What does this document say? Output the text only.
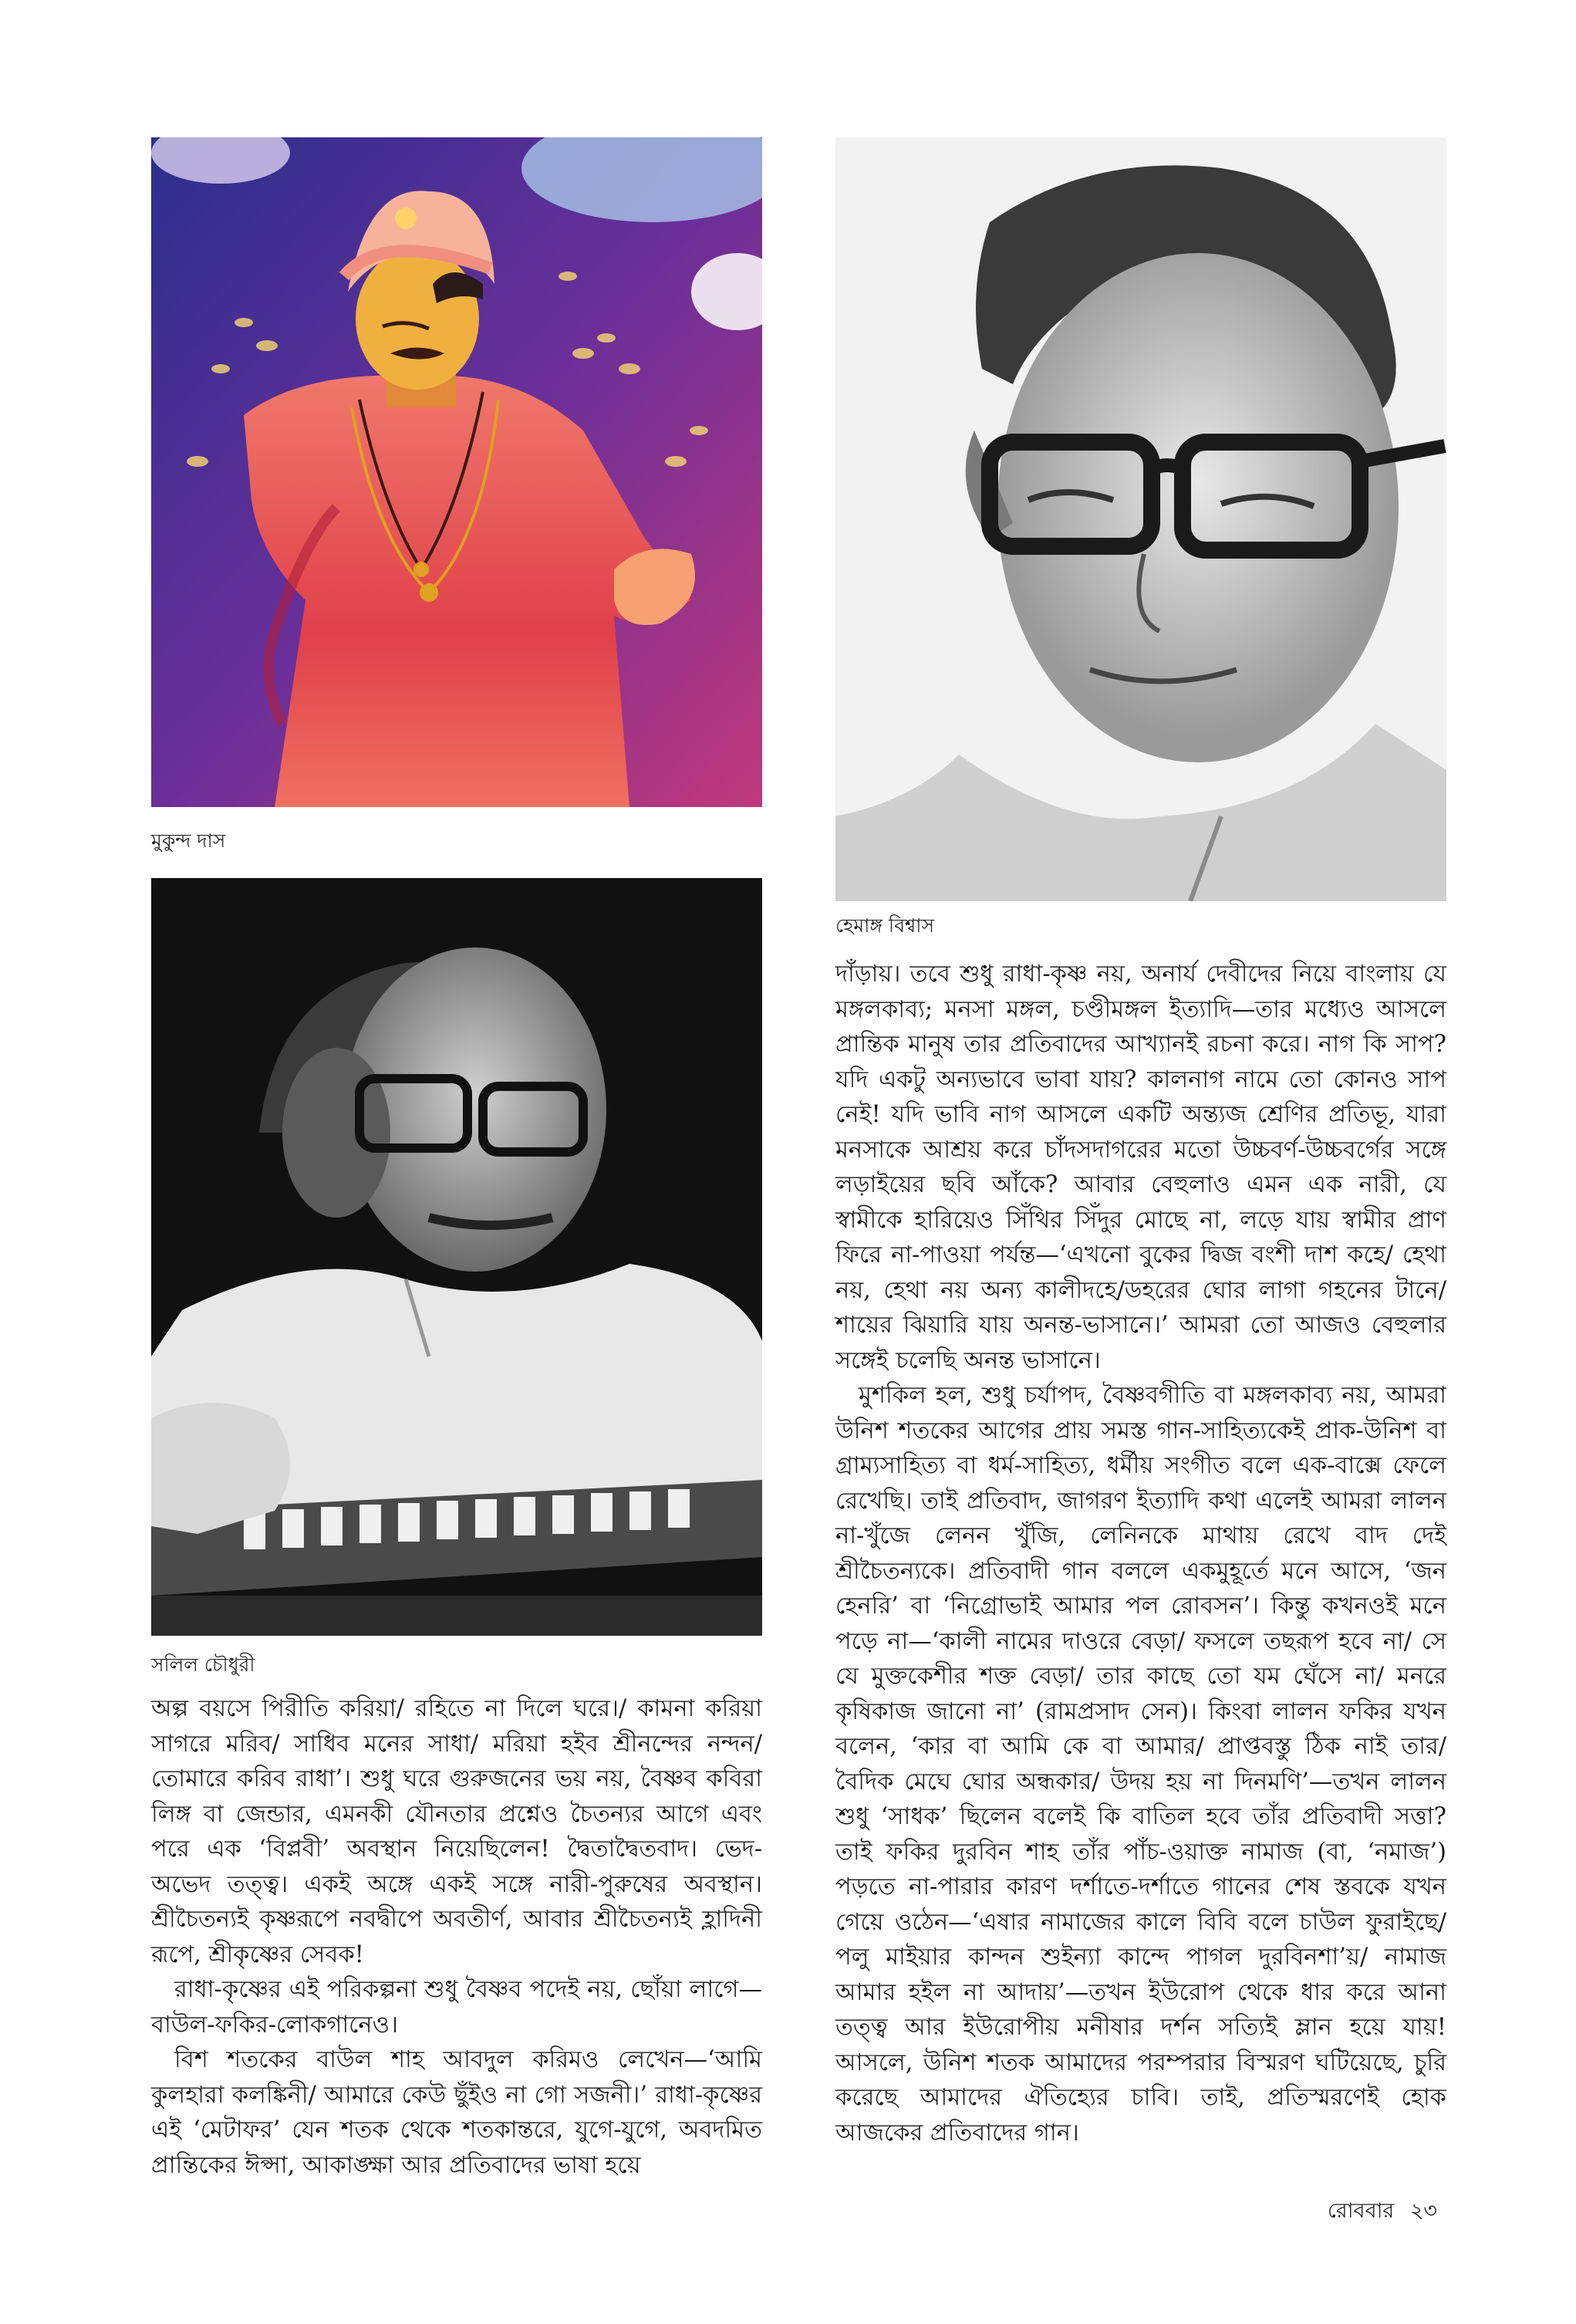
মুকুন্দ দাস
হেমাঙ্গ বিশ্বাস
সলিল চৌধুরী

অল্প বয়সে পিরীতি করিয়া/ রহিতে না দিলে ঘরে।/ কামনা করিয়া সাগরে মরিব/ সাধিব মনের সাধা/ মরিয়া হইব শ্রীনন্দের নন্দন/ তোমারে করিব রাধা’। শুধু ঘরে গুরুজনের ভয় নয়, বৈষ্ণব কবিরা লিঙ্গ বা জেন্ডার, এমনকী যৌনতার প্রশ্নেও চৈতন্যর আগে এবং পরে এক ‘বিপ্লবী’ অবস্থান নিয়েছিলেন! দ্বৈতাদ্বৈতবাদ। ভেদ-অভেদ তত্ত্ব। একই অঙ্গে একই সঙ্গে নারী-পুরুষের অবস্থান। শ্রীচৈতন্যই কৃষ্ণরূপে নবদ্বীপে অবতীর্ণ, আবার শ্রীচৈতন্যই হ্লাদিনী রূপে, শ্রীকৃষ্ণের সেবক!

রাধা-কৃষ্ণের এই পরিকল্পনা শুধু বৈষ্ণব পদেই নয়, ছোঁয়া লাগে—বাউল-ফকির-লোকগানেও।

বিশ শতকের বাউল শাহ আবদুল করিমও লেখেন—‘আমি কুলহারা কলঙ্কিনী/ আমারে কেউ ছুঁইও না গো সজনী।’ রাধা-কৃষ্ণের এই ‘মেটাফর’ যেন শতক থেকে শতকান্তরে, যুগে-যুগে, অবদমিত প্রান্তিকের ঈপ্সা, আকাঙ্ক্ষা আর প্রতিবাদের ভাষা হয়ে

দাঁড়ায়। তবে শুধু রাধা-কৃষ্ণ নয়, অনার্য দেবীদের নিয়ে বাংলায় যে মঙ্গলকাব্য; মনসা মঙ্গল, চণ্ডীমঙ্গল ইত্যাদি—তার মধ্যেও আসলে প্রান্তিক মানুষ তার প্রতিবাদের আখ্যানই রচনা করে। নাগ কি সাপ? যদি একটু অন্যভাবে ভাবা যায়? কালনাগ নামে তো কোনও সাপ নেই! যদি ভাবি নাগ আসলে একটি অন্ত্যজ শ্রেণির প্রতিভূ, যারা মনসাকে আশ্রয় করে চাঁদসদাগরের মতো উচ্চবর্ণ-উচ্চবর্গের সঙ্গে লড়াইয়ের ছবি আঁকে? আবার বেহুলাও এমন এক নারী, যে স্বামীকে হারিয়েও সিঁথির সিঁদুর মোছে না, লড়ে যায় স্বামীর প্রাণ ফিরে না-পাওয়া পর্যন্ত—‘এখনো বুকের দ্বিজ বংশী দাশ কহে/ হেথা নয়, হেথা নয় অন্য কালীদহে/ডহরের ঘোর লাগা গহনের টানে/শায়ের ঝিয়ারি যায় অনন্ত-ভাসানে।’ আমরা তো আজও বেহুলার সঙ্গেই চলেছি অনন্ত ভাসানে।

মুশকিল হল, শুধু চর্যাপদ, বৈষ্ণবগীতি বা মঙ্গলকাব্য নয়, আমরা উনিশ শতকের আগের প্রায় সমস্ত গান-সাহিত্যকেই প্রাক-উনিশ বা গ্রাম্যসাহিত্য বা ধর্ম-সাহিত্য, ধর্মীয় সংগীত বলে এক-বাক্সে ফেলে রেখেছি। তাই প্রতিবাদ, জাগরণ ইত্যাদি কথা এলেই আমরা লালন না-খুঁজে লেনন খুঁজি, লেনিনকে মাথায় রেখে বাদ দেই শ্রীচৈতন্যকে। প্রতিবাদী গান বললে একমুহূর্তে মনে আসে, ‘জন হেনরি’ বা ‘নিগ্রোভাই আমার পল রোবসন’। কিন্তু কখনওই মনে পড়ে না—‘কালী নামের দাওরে বেড়া/ ফসলে তছরূপ হবে না/ সে যে মুক্তকেশীর শক্ত বেড়া/ তার কাছে তো যম ঘেঁসে না/ মনরে কৃষিকাজ জানো না’ (রামপ্রসাদ সেন)। কিংবা লালন ফকির যখন বলেন, ‘কার বা আমি কে বা আমার/ প্রাপ্তবস্তু ঠিক নাই তার/ বৈদিক মেঘে ঘোর অন্ধকার/ উদয় হয় না দিনমণি’—তখন লালন শুধু ‘সাধক’ ছিলেন বলেই কি বাতিল হবে তাঁর প্রতিবাদী সত্তা? তাই ফকির দুরবিন শাহ তাঁর পাঁচ-ওয়াক্ত নামাজ (বা, ‘নমাজ’) পড়তে না-পারার কারণ দর্শাতে-দর্শাতে গানের শেষ স্তবকে যখন গেয়ে ওঠেন—‘এষার নামাজের কালে বিবি বলে চাউল ফুরাইছে/ পলু মাইয়ার কান্দন শুইন্যা কান্দে পাগল দুরবিনশা’য়/ নামাজ আমার হইল না আদায়’—তখন ইউরোপ থেকে ধার করে আনা তত্ত্ব আর ইউরোপীয় মনীষার দর্শন সত্যিই ম্লান হয়ে যায়! আসলে, উনিশ শতক আমাদের পরম্পরার বিস্মরণ ঘটিয়েছে, চুরি করেছে আমাদের ঐতিহ্যের চাবি। তাই, প্রতিস্মরণেই হোক আজকের প্রতিবাদের গান।

রোববার ২৩
